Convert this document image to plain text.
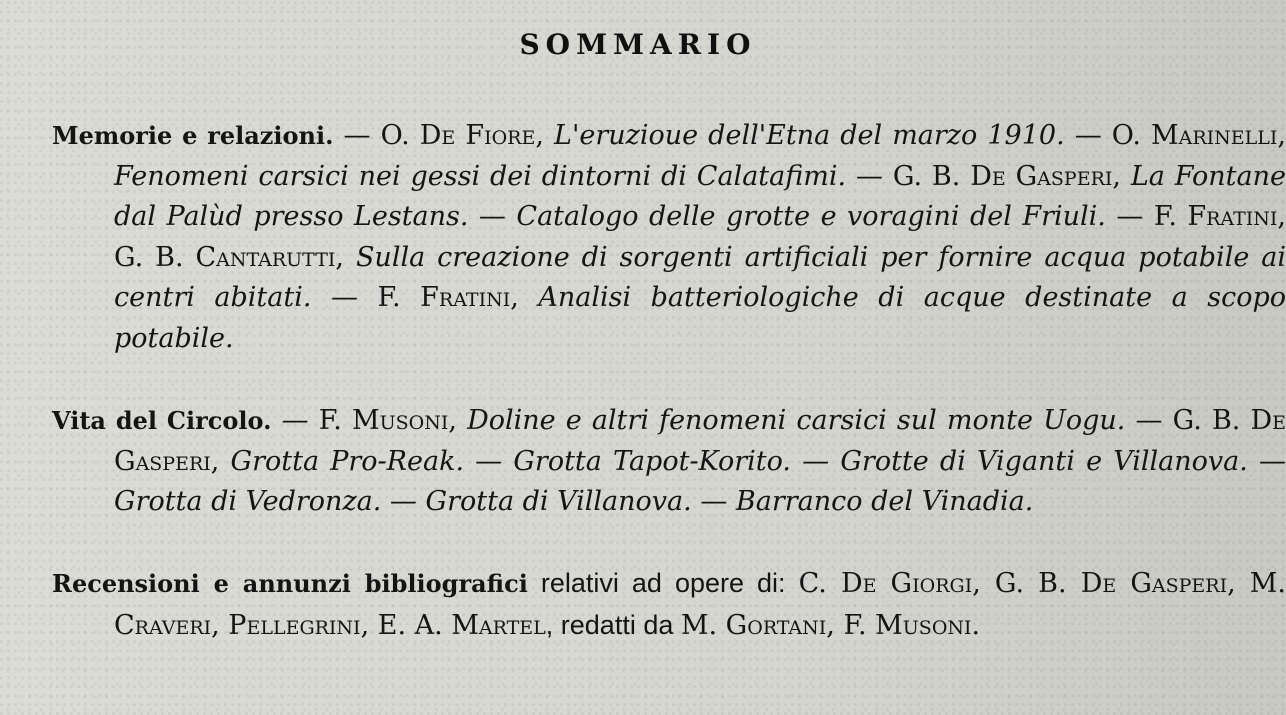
SOMMARIO

Memorie e relazioni. — O. De Fiore, L'eruzioue dell'Etna del marzo 1910. — O. Marinelli, Fenomeni carsici nei gessi dei dintorni di Calatafimi. — G. B. De Gasperi, La Fontane dal Palùd presso Lestans. — Catalogo delle grotte e voragini del Friuli. — F. Fratini, G. B. Cantarutti, Sulla creazione di sorgenti artificiali per fornire acqua potabile ai centri abitati. — F. Fratini, Analisi batteriologiche di acque destinate a scopo potabile.

Vita del Circolo. — F. Musoni, Doline e altri fenomeni carsici sul monte Uogu. — G. B. De Gasperi, Grotta Pro-Reak. — Grotta Tapot-Korito. — Grotte di Viganti e Villanova. — Grotta di Vedronza. — Grotta di Villanova. — Barranco del Vinadia.

Recensioni e annunzi bibliografici relativi ad opere di: C. De Giorgi, G. B. De Gasperi, M. Craveri, Pellegrini, E. A. Martel, redatti da M. Gortani, F. Musoni.
